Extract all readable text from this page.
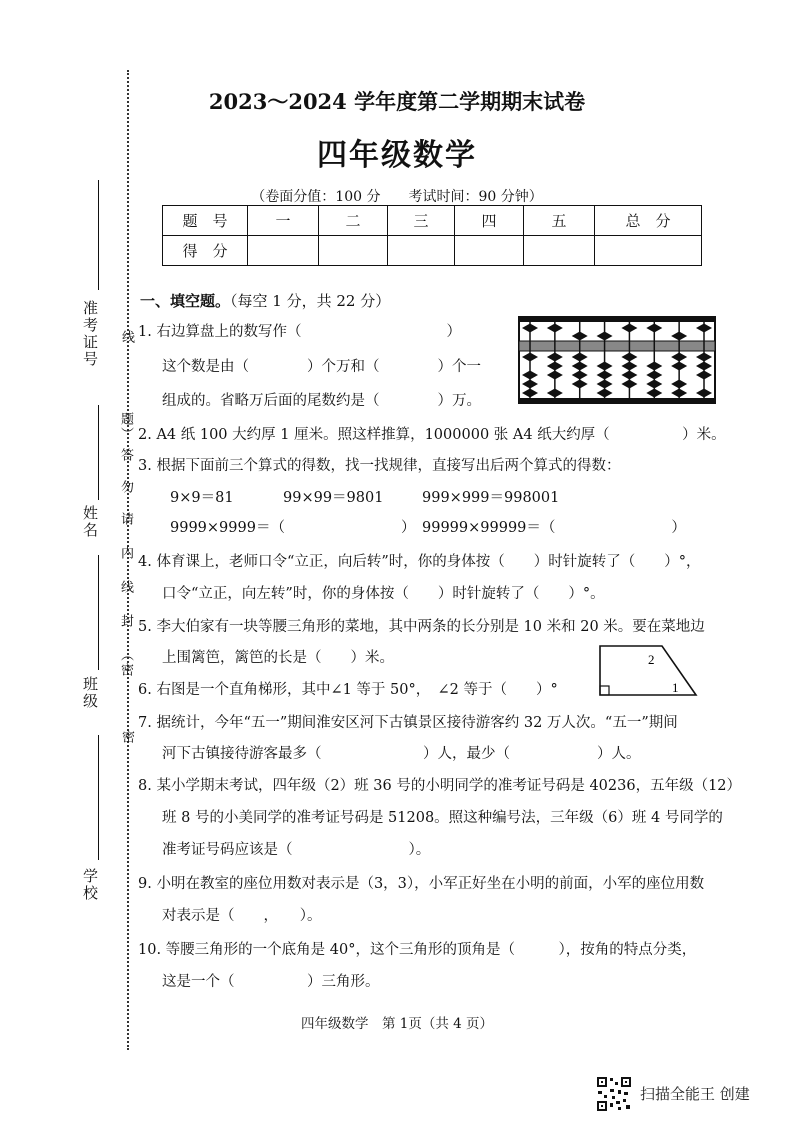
2023～2024 学年度第二学期期末试卷
四年级数学
（卷面分值：100 分　　考试时间：90 分钟）
题　号	一	二	三	四	五	总　分
得　分						
准考证号
姓名
班级
学校
线
题）
答
勿
请
内
线
封
（密
密
一、填空题。（每空 1 分，共 22 分）
1. 右边算盘上的数写作（　　　　　　　　　　）
这个数是由（　　　　）个万和（　　　　）个一
组成的。省略万后面的尾数约是（　　　　）万。
2. A4 纸 100 大约厚 1 厘米。照这样推算，1000000 张 A4 纸大约厚（　　　　　）米。
3. 根据下面前三个算式的得数，找一找规律，直接写出后两个算式的得数：
9×9＝81	99×99＝9801	999×999＝998001
9999×9999＝（　　　　　　　　） 99999×99999＝（　　　　　　　　）
4. 体育课上，老师口令“立正，向后转”时，你的身体按（　　）时针旋转了（　　）°，
口令“立正，向左转”时，你的身体按（　　）时针旋转了（　　）°。
5. 李大伯家有一块等腰三角形的菜地，其中两条的长分别是 10 米和 20 米。要在菜地边
上围篱笆，篱笆的长是（　　）米。
6. 右图是一个直角梯形，其中∠1 等于 50°，　∠2 等于（　　）°
2
1
7. 据统计，今年“五一”期间淮安区河下古镇景区接待游客约 32 万人次。“五一”期间
河下古镇接待游客最多（　　　　　　　）人，最少（　　　　　　）人。
8. 某小学期末考试，四年级（2）班 36 号的小明同学的准考证号码是 40236，五年级（12）
班 8 号的小美同学的准考证号码是 51208。照这种编号法，三年级（6）班 4 号同学的
准考证号码应该是（　　　　　　　　）。
9. 小明在教室的座位用数对表示是（3，3），小军正好坐在小明的前面，小军的座位用数
对表示是（　　，　　）。
10. 等腰三角形的一个底角是 40°，这个三角形的顶角是（　　　），按角的特点分类，
这是一个（　　　　　）三角形。
四年级数学　第 1页（共 4 页）
扫描全能王 创建
